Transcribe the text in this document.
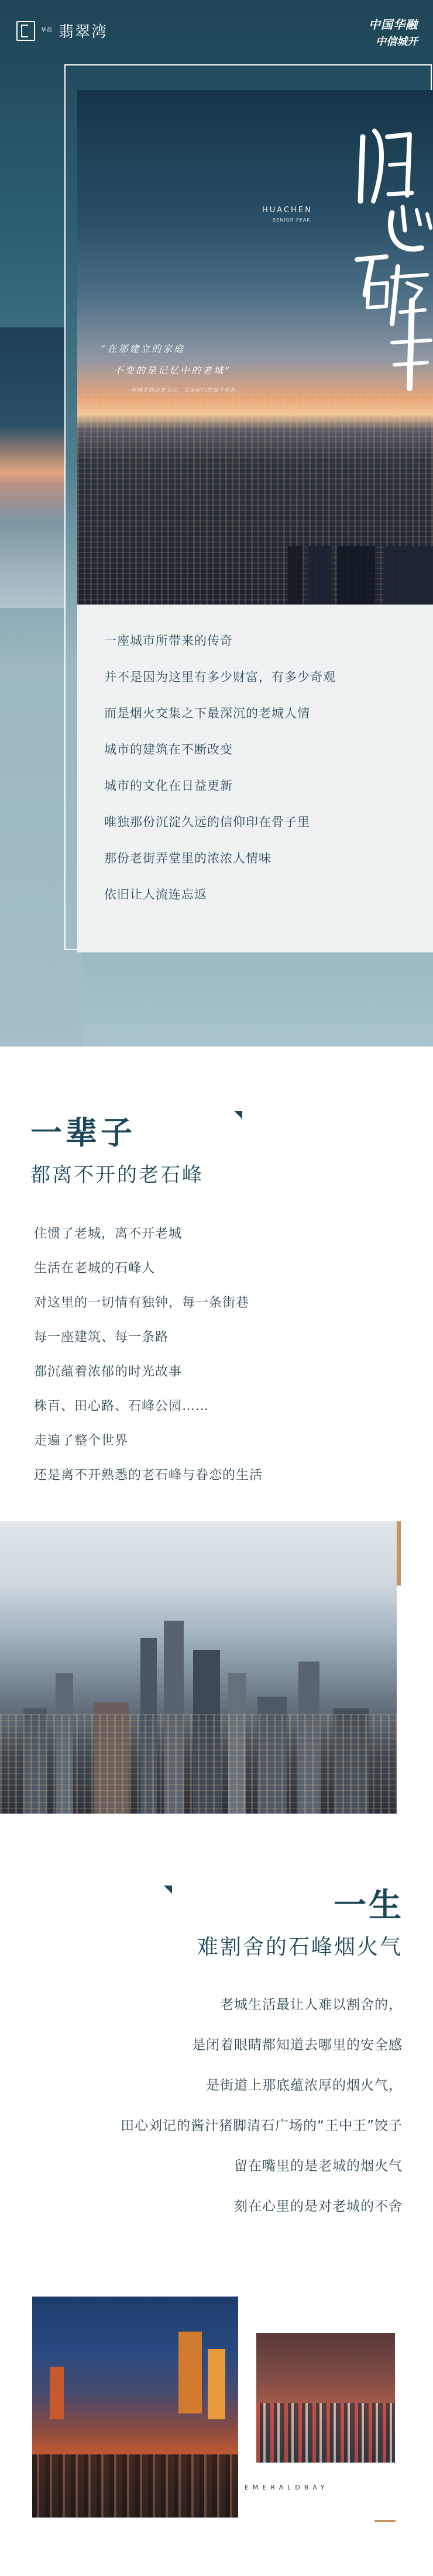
华晨 翡翠湾	中国华融
中信城开
HUACHEN
SENIOR PEAK
“在那建立的家庭
不变的是记忆中的老城”
一座城市的历史变迁，见证时代的每个转折

一座城市所带来的传奇

并不是因为这里有多少财富，有多少奇观

而是烟火交集之下最深沉的老城人情

城市的建筑在不断改变

城市的文化在日益更新

唯独那份沉淀久远的信仰印在骨子里

那份老街弄堂里的浓浓人情味

依旧让人流连忘返

一辈子
都离不开的老石峰

住惯了老城，离不开老城

生活在老城的石峰人

对这里的一切情有独钟，每一条街巷

每一座建筑、每一条路

都沉蕴着浓郁的时光故事

株百、田心路、石峰公园……

走遍了整个世界

还是离不开熟悉的老石峰与眷恋的生活

一生
难割舍的石峰烟火气

老城生活最让人难以割舍的，

是闭着眼睛都知道去哪里的安全感

是街道上那底蕴浓厚的烟火气，

田心刘记的酱汁猪脚清石广场的“王中王”饺子

留在嘴里的是老城的烟火气

刻在心里的是对老城的不舍

EMERALDBAY
